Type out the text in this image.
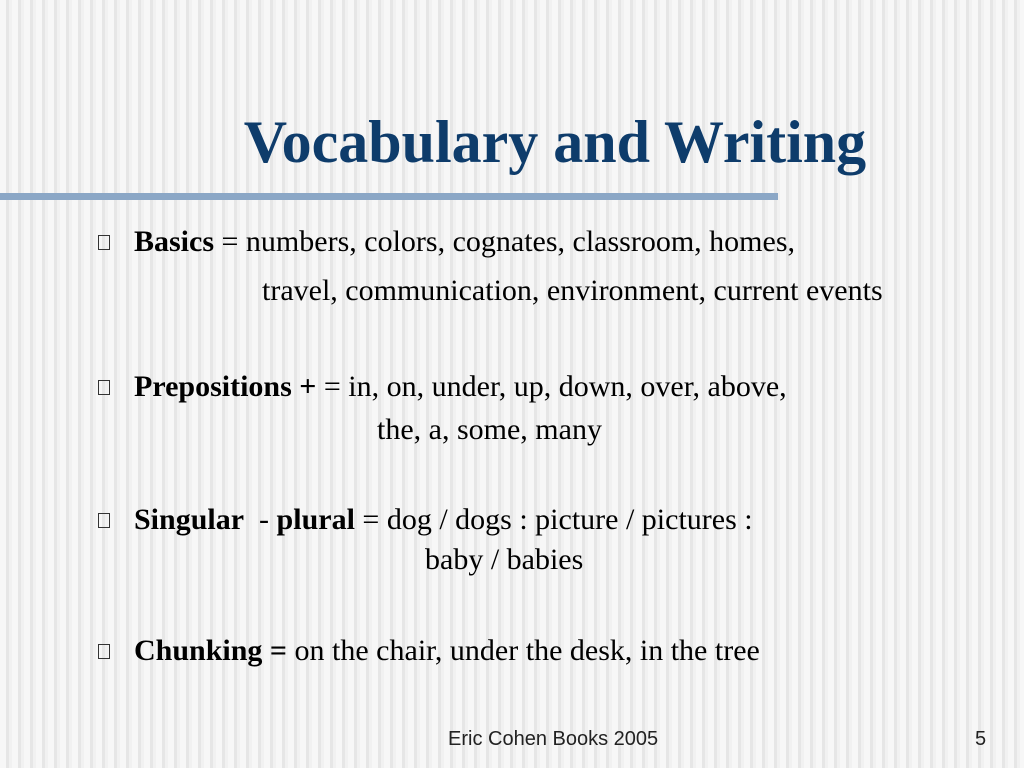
Vocabulary and Writing
Basics = numbers, colors, cognates, classroom, homes,
travel, communication, environment, current events
Prepositions + = in, on, under, up, down, over, above,
the, a, some, many
Singular  - plural = dog / dogs : picture / pictures :
baby / babies
Chunking = on the chair, under the desk, in the tree
Eric Cohen Books 2005	5
